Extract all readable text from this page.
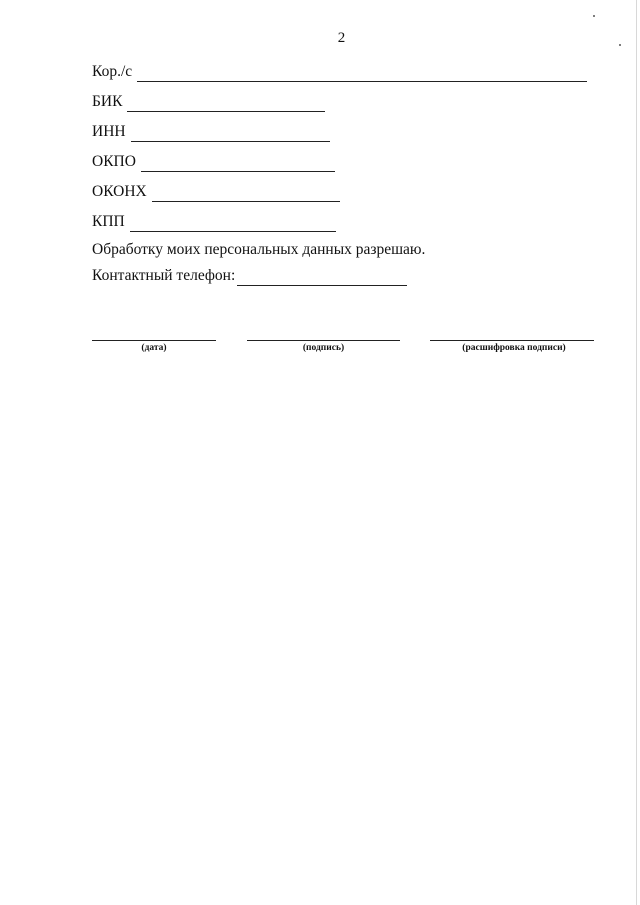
2
Кор./с
БИК
ИНН
ОКПО
ОКОНХ
КПП
Обработку моих персональных данных разрешаю.
Контактный телефон:
(дата)	(подпись)	(расшифровка подписи)
